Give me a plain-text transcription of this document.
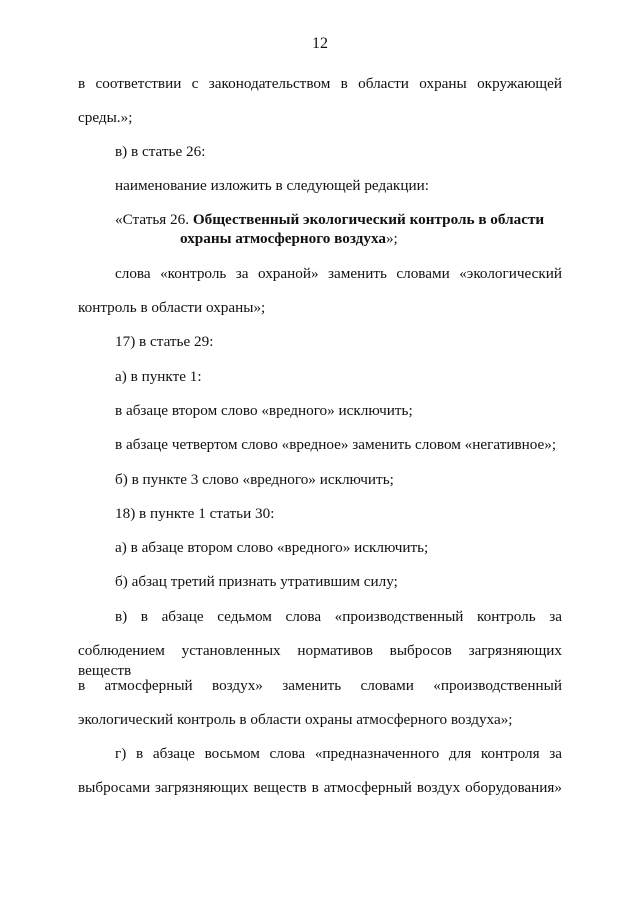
12
в соответствии с законодательством в области охраны окружающей
среды.»;
в) в статье 26:
наименование изложить в следующей редакции:
«Статья 26. Общественный экологический контроль в области
охраны атмосферного воздуха»;
слова «контроль за охраной» заменить словами «экологический
контроль в области охраны»;
17) в статье 29:
а) в пункте 1:
в абзаце втором слово «вредного» исключить;
в абзаце четвертом слово «вредное» заменить словом «негативное»;
б) в пункте 3 слово «вредного» исключить;
18) в пункте 1 статьи 30:
а) в абзаце втором слово «вредного» исключить;
б) абзац третий признать утратившим силу;
в) в абзаце седьмом слова «производственный контроль за
соблюдением установленных нормативов выбросов загрязняющих веществ
в атмосферный воздух» заменить словами «производственный
экологический контроль в области охраны атмосферного воздуха»;
г) в абзаце восьмом слова «предназначенного для контроля за
выбросами загрязняющих веществ в атмосферный воздух оборудования»
